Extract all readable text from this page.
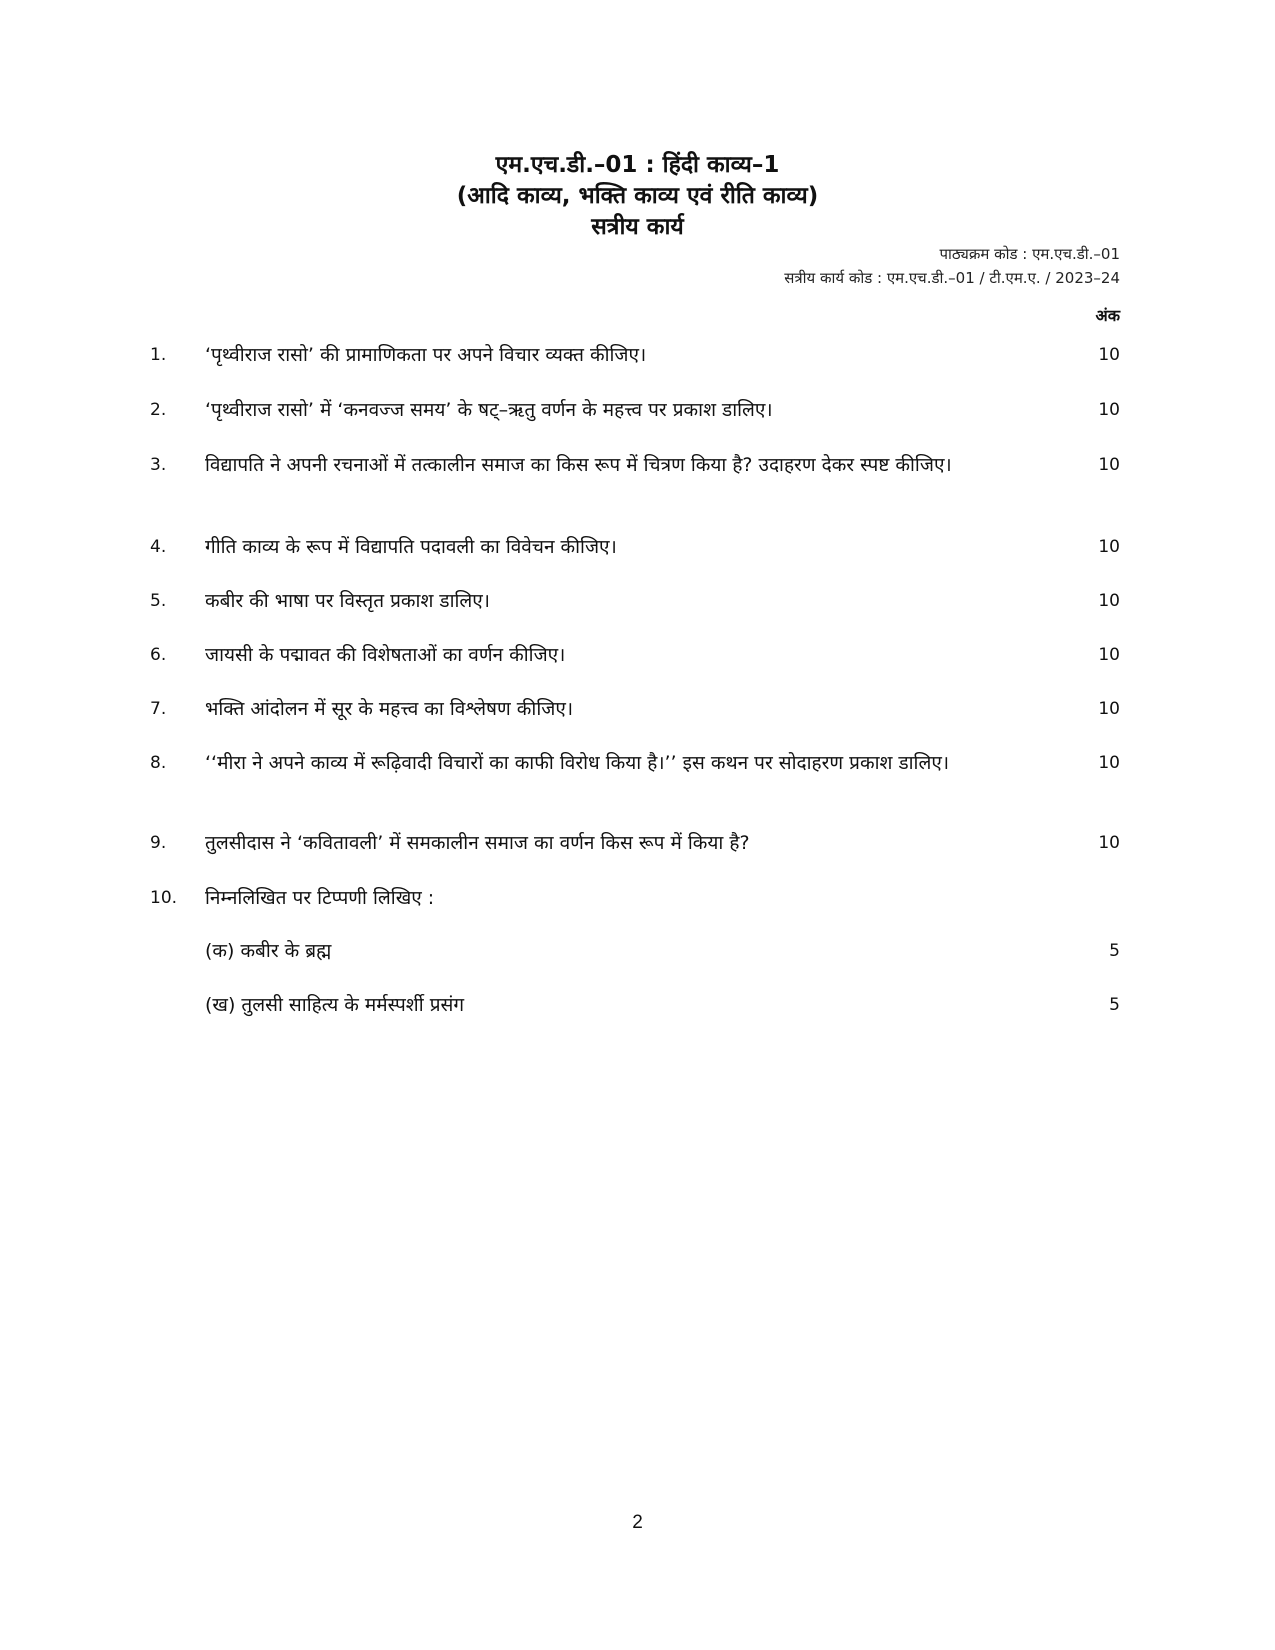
एम.एच.डी.–01 : हिंदी काव्य–1
(आदि काव्य, भक्ति काव्य एवं रीति काव्य)
सत्रीय कार्य
पाठ्यक्रम कोड : एम.एच.डी.–01
सत्रीय कार्य कोड : एम.एच.डी.–01 / टी.एम.ए. / 2023–24
अंक
1. ‘पृथ्वीराज रासो’ की प्रामाणिकता पर अपने विचार व्यक्त कीजिए।	10
2. ‘पृथ्वीराज रासो’ में ‘कनवज्ज समय’ के षट्–ऋतु वर्णन के महत्त्व पर प्रकाश डालिए।	10
3. विद्यापति ने अपनी रचनाओं में तत्कालीन समाज का किस रूप में चित्रण किया है? उदाहरण देकर स्पष्ट कीजिए।	10
4. गीति काव्य के रूप में विद्यापति पदावली का विवेचन कीजिए।	10
5. कबीर की भाषा पर विस्तृत प्रकाश डालिए।	10
6. जायसी के पद्मावत की विशेषताओं का वर्णन कीजिए।	10
7. भक्ति आंदोलन में सूर के महत्त्व का विश्लेषण कीजिए।	10
8. ‘‘मीरा ने अपने काव्य में रूढ़िवादी विचारों का काफी विरोध किया है।’’ इस कथन पर सोदाहरण प्रकाश डालिए।	10
9. तुलसीदास ने ‘कवितावली’ में समकालीन समाज का वर्णन किस रूप में किया है?	10
10. निम्नलिखित पर टिप्पणी लिखिए :
(क) कबीर के ब्रह्म	5
(ख) तुलसी साहित्य के मर्मस्पर्शी प्रसंग	5
2
